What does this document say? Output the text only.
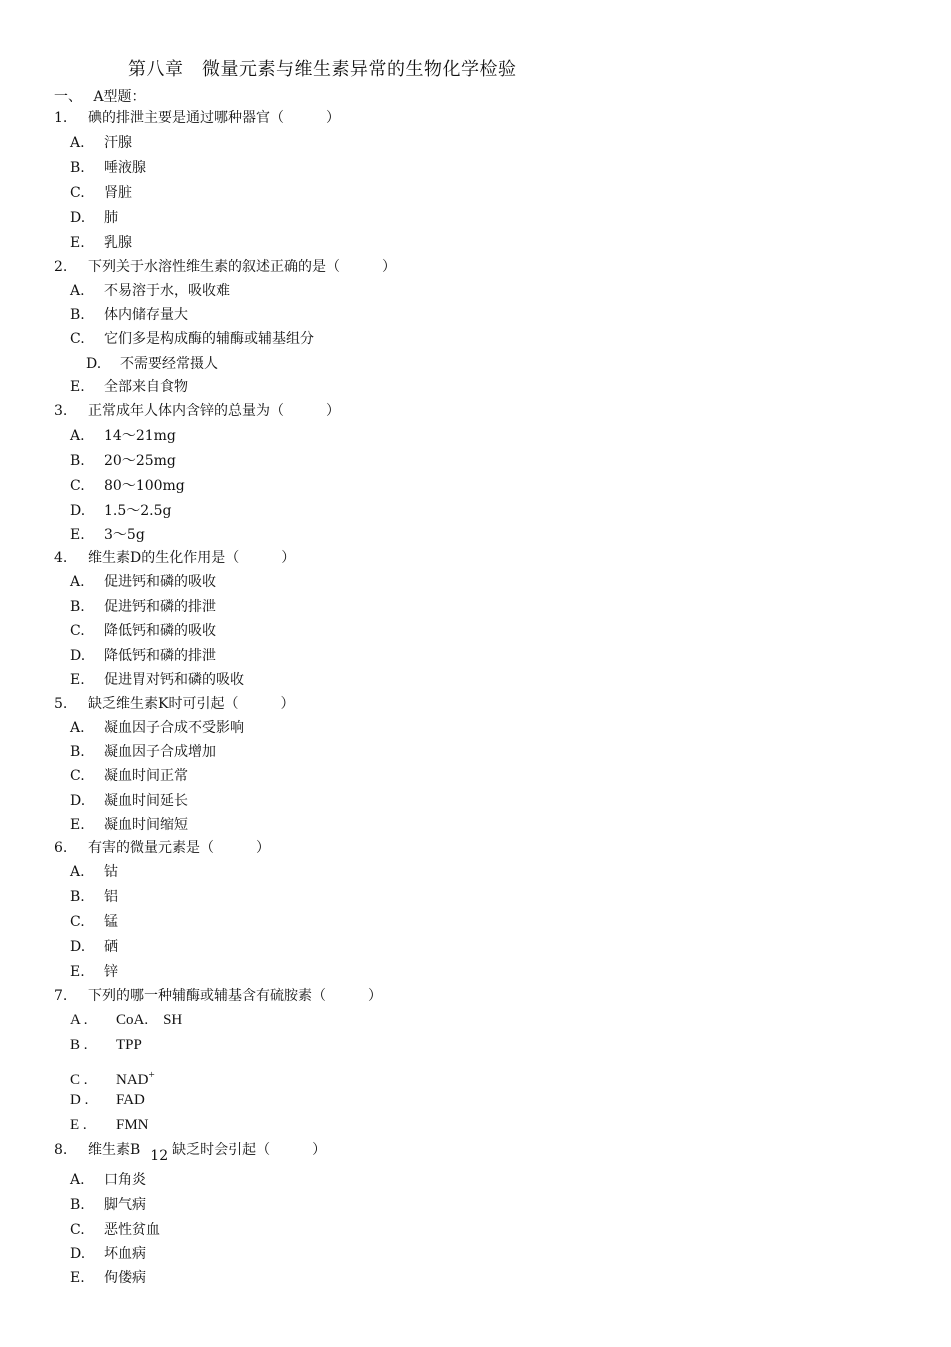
第八章　微量元素与维生素异常的生物化学检验
一、　 A型题：
1. 碘的排泄主要是通过哪种器官（　　　）
A. 汗腺
B. 唾液腺
C. 肾脏
D. 肺
E. 乳腺
2. 下列关于水溶性维生素的叙述正确的是（　　　）
A. 不易溶于水，吸收难
B. 体内储存量大
C. 它们多是构成酶的辅酶或辅基组分
D. 不需要经常摄人
E. 全部来自食物
3. 正常成年人体内含锌的总量为（　　　）
A. 14～21mg
B. 20～25mg
C. 80～100mg
D. 1.5～2.5g
E. 3～5g
4. 维生素D的生化作用是（　　　）
A. 促进钙和磷的吸收
B. 促进钙和磷的排泄
C. 降低钙和磷的吸收
D. 降低钙和磷的排泄
E. 促进胃对钙和磷的吸收
5. 缺乏维生素K时可引起（　　　）
A. 凝血因子合成不受影响
B. 凝血因子合成增加
C. 凝血时间正常
D. 凝血时间延长
E. 凝血时间缩短
6. 有害的微量元素是（　　　）
A. 钴
B. 铝
C. 锰
D. 硒
E. 锌
7. 下列的哪一种辅酶或辅基含有硫胺素（　　　）
A . CoA.　SH
B . TPP
C . NAD+
D . FAD
E . FMN
8. 维生素B 12 缺乏时会引起（　　　）
A. 口角炎
B. 脚气病
C. 恶性贫血
D. 坏血病
E. 佝偻病
